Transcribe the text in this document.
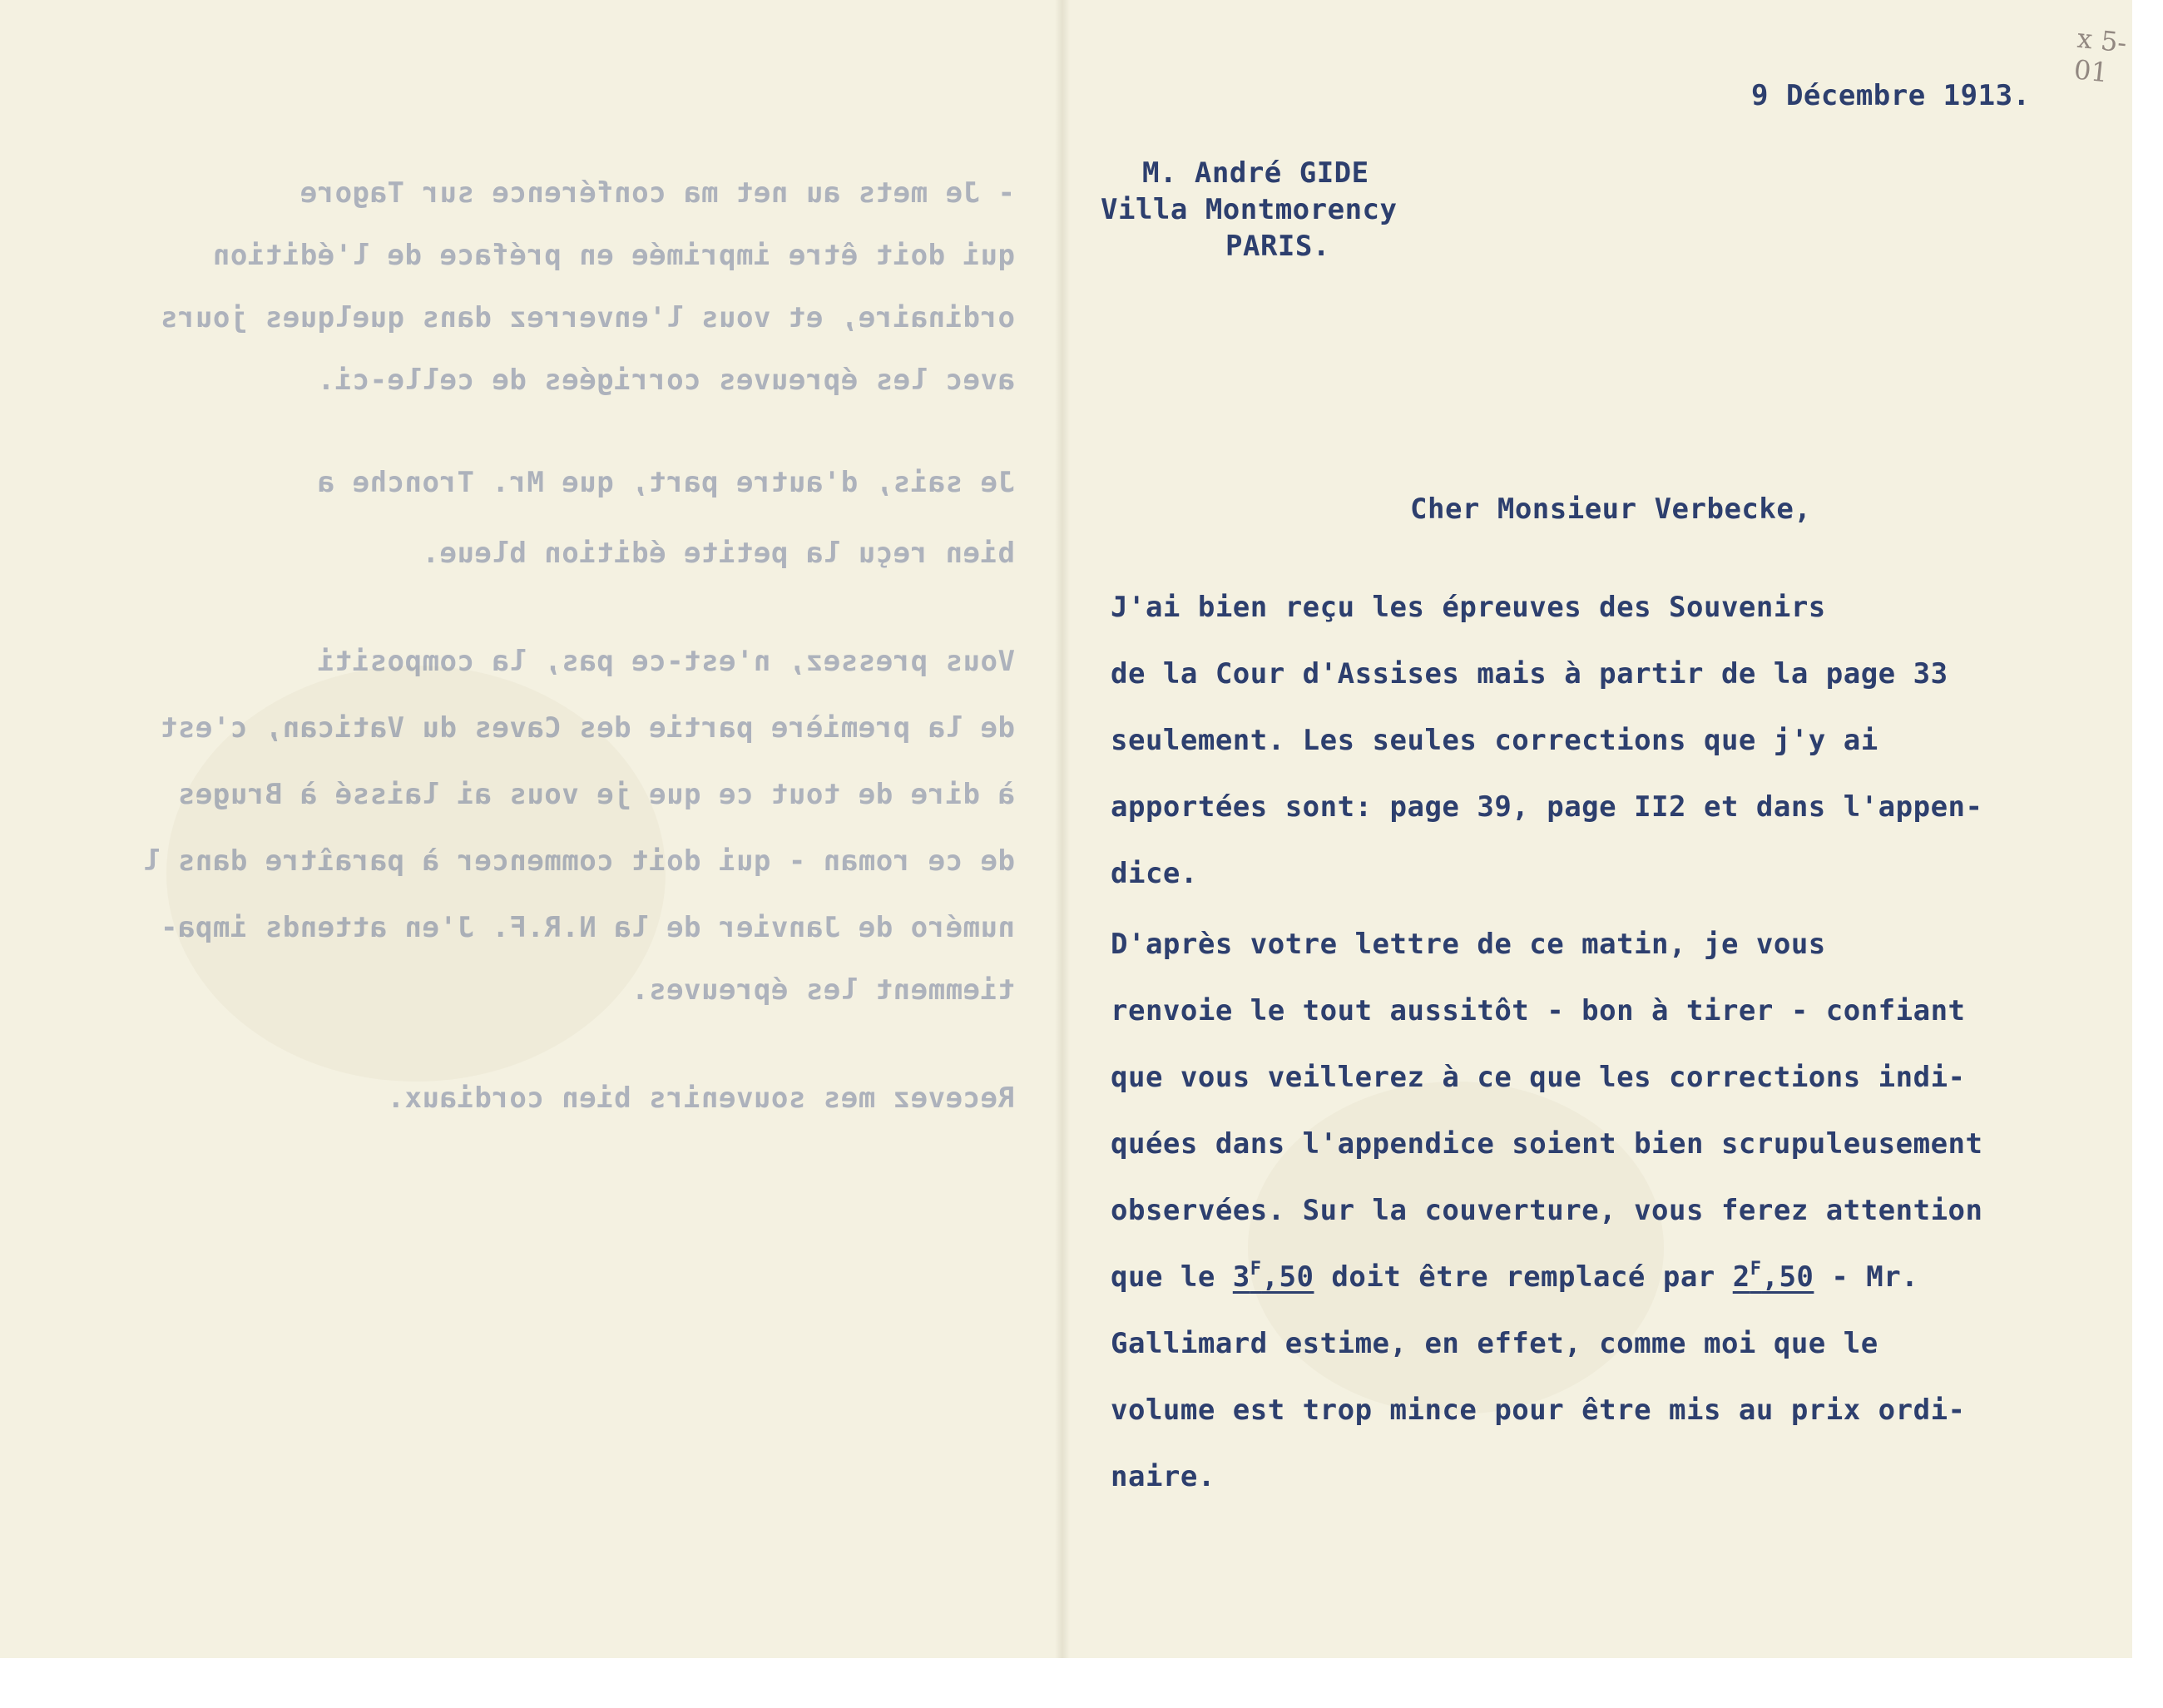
- Je mets au net ma conférence sur Tagore
qui doit être imprimée en préface de l'édition
ordinaire, et vous l'enverrez dans quelques jours
avec les épreuves corrigées de celle-ci.
Je sais, d'autre part, que Mr. Tronche a
bien reçu la petite édition bleue.
Vous pressez, n'est-ce pas, la compositi
de la première partie des Caves du Vatican, c'est
à dire de tout ce que je vous ai laissé à Bruges
de ce roman - qui doit commencer à paraître dans l
numéro de Janvier de la N.R.F. J'en attends impa-
tiemment les épreuves.
Recevez mes souvenirs bien cordiaux.
9 Décembre 1913.
x 5-01
M. André GIDE
Villa Montmorency
PARIS.
Cher Monsieur Verbecke,
J'ai bien reçu les épreuves des Souvenirs
de la Cour d'Assises mais à partir de la page 33
seulement. Les seules corrections que j'y ai
apportées sont: page 39, page II2 et dans l'appen-
dice.
D'après votre lettre de ce matin, je vous
renvoie le tout aussitôt - bon à tirer - confiant
que vous veillerez à ce que les corrections indi-
quées dans l'appendice soient bien scrupuleusement
observées. Sur la couverture, vous ferez attention
que le $3^F,50$ doit être remplacé par $2^F,50$ - Mr.
Gallimard estime, en effet, comme moi que le
volume est trop mince pour être mis au prix ordi-
naire.
